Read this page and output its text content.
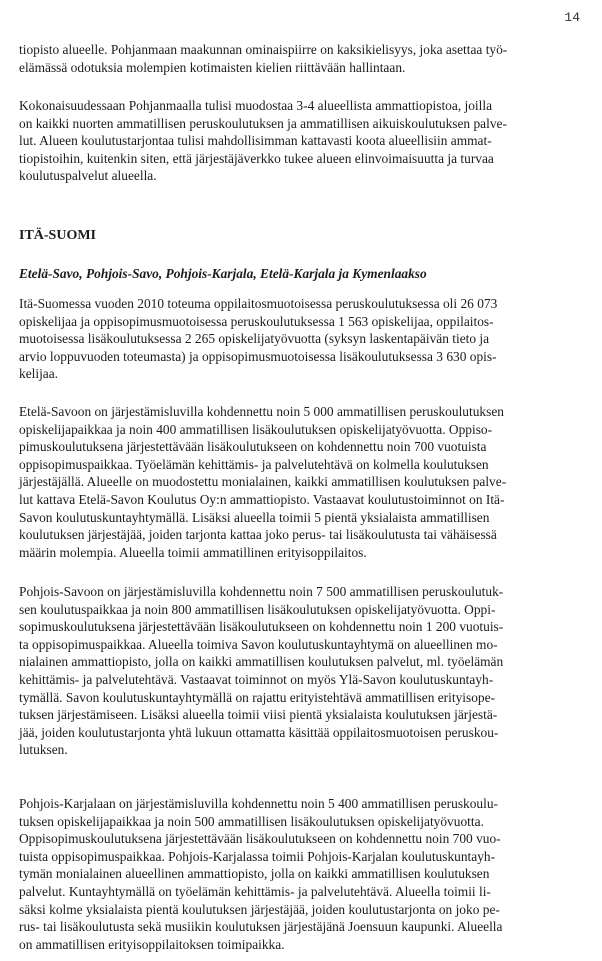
14

tiopisto alueelle. Pohjanmaan maakunnan ominaispiirre on kaksikielisyys, joka asettaa työ-
elämässä odotuksia molempien kotimaisten kielien riittävään hallintaan.

Kokonaisuudessaan Pohjanmaalla tulisi muodostaa 3-4 alueellista ammattiopistoa, joilla
on kaikki nuorten ammatillisen peruskoulutuksen ja ammatillisen aikuiskoulutuksen palve-
lut. Alueen koulutustarjontaa tulisi mahdollisimman kattavasti koota alueellisiin ammat-
tiopistoihin, kuitenkin siten, että järjestäjäverkko tukee alueen elinvoimaisuutta ja turvaa
koulutuspalvelut alueella.

ITÄ-SUOMI
Etelä-Savo, Pohjois-Savo, Pohjois-Karjala, Etelä-Karjala ja Kymenlaakso

Itä-Suomessa vuoden 2010 toteuma oppilaitosmuotoisessa peruskoulutuksessa oli 26 073
opiskelijaa ja oppisopimusmuotoisessa peruskoulutuksessa 1 563 opiskelijaa, oppilaitos-
muotoisessa lisäkoulutuksessa 2 265 opiskelijatyövuotta (syksyn laskentapäivän tieto ja
arvio loppuvuoden toteumasta) ja oppisopimusmuotoisessa lisäkoulutuksessa 3 630 opis-
kelijaa.

Etelä-Savoon on järjestämisluvilla kohdennettu noin 5 000 ammatillisen peruskoulutuksen
opiskelijapaikkaa ja noin 400 ammatillisen lisäkoulutuksen opiskelijatyövuotta. Oppiso-
pimuskoulutuksena järjestettävään lisäkoulutukseen on kohdennettu noin 700 vuotuista
oppisopimuspaikkaa. Työelämän kehittämis- ja palvelutehtävä on kolmella koulutuksen
järjestäjällä. Alueelle on muodostettu monialainen, kaikki ammatillisen koulutuksen palve-
lut kattava Etelä-Savon Koulutus Oy:n ammattiopisto. Vastaavat koulutustoiminnot on Itä-
Savon koulutuskuntayhtymällä. Lisäksi alueella toimii 5 pientä yksialaista ammatillisen
koulutuksen järjestäjää, joiden tarjonta kattaa joko perus- tai lisäkoulutusta tai vähäisessä
määrin molempia. Alueella toimii ammatillinen erityisoppilaitos.

Pohjois-Savoon on järjestämisluvilla kohdennettu noin 7 500 ammatillisen peruskoulutuk-
sen koulutuspaikkaa ja noin 800 ammatillisen lisäkoulutuksen opiskelijatyövuotta. Oppi-
sopimuskoulutuksena järjestettävään lisäkoulutukseen on kohdennettu noin 1 200 vuotuis-
ta oppisopimuspaikkaa. Alueella toimiva Savon koulutuskuntayhtymä on alueellinen mo-
nialainen ammattiopisto, jolla on kaikki ammatillisen koulutuksen palvelut, ml. työelämän
kehittämis- ja palvelutehtävä. Vastaavat toiminnot on myös Ylä-Savon koulutuskuntayh-
tymällä. Savon koulutuskuntayhtymällä on rajattu erityistehtävä ammatillisen erityisope-
tuksen järjestämiseen. Lisäksi alueella toimii viisi pientä yksialaista koulutuksen järjestä-
jää, joiden koulutustarjonta yhtä lukuun ottamatta käsittää oppilaitosmuotoisen peruskou-
lutuksen.

Pohjois-Karjalaan on järjestämisluvilla kohdennettu noin 5 400 ammatillisen peruskoulu-
tuksen opiskelijapaikkaa ja noin 500 ammatillisen lisäkoulutuksen opiskelijatyövuotta.
Oppisopimuskoulutuksena järjestettävään lisäkoulutukseen on kohdennettu noin 700 vuo-
tuista oppisopimuspaikkaa. Pohjois-Karjalassa toimii Pohjois-Karjalan koulutuskuntayh-
tymän monialainen alueellinen ammattiopisto, jolla on kaikki ammatillisen koulutuksen
palvelut. Kuntayhtymällä on työelämän kehittämis- ja palvelutehtävä. Alueella toimii li-
säksi kolme yksialaista pientä koulutuksen järjestäjää, joiden koulutustarjonta on joko pe-
rus- tai lisäkoulutusta sekä musiikin koulutuksen järjestäjänä Joensuun kaupunki. Alueella
on ammatillisen erityisoppilaitoksen toimipaikka.
